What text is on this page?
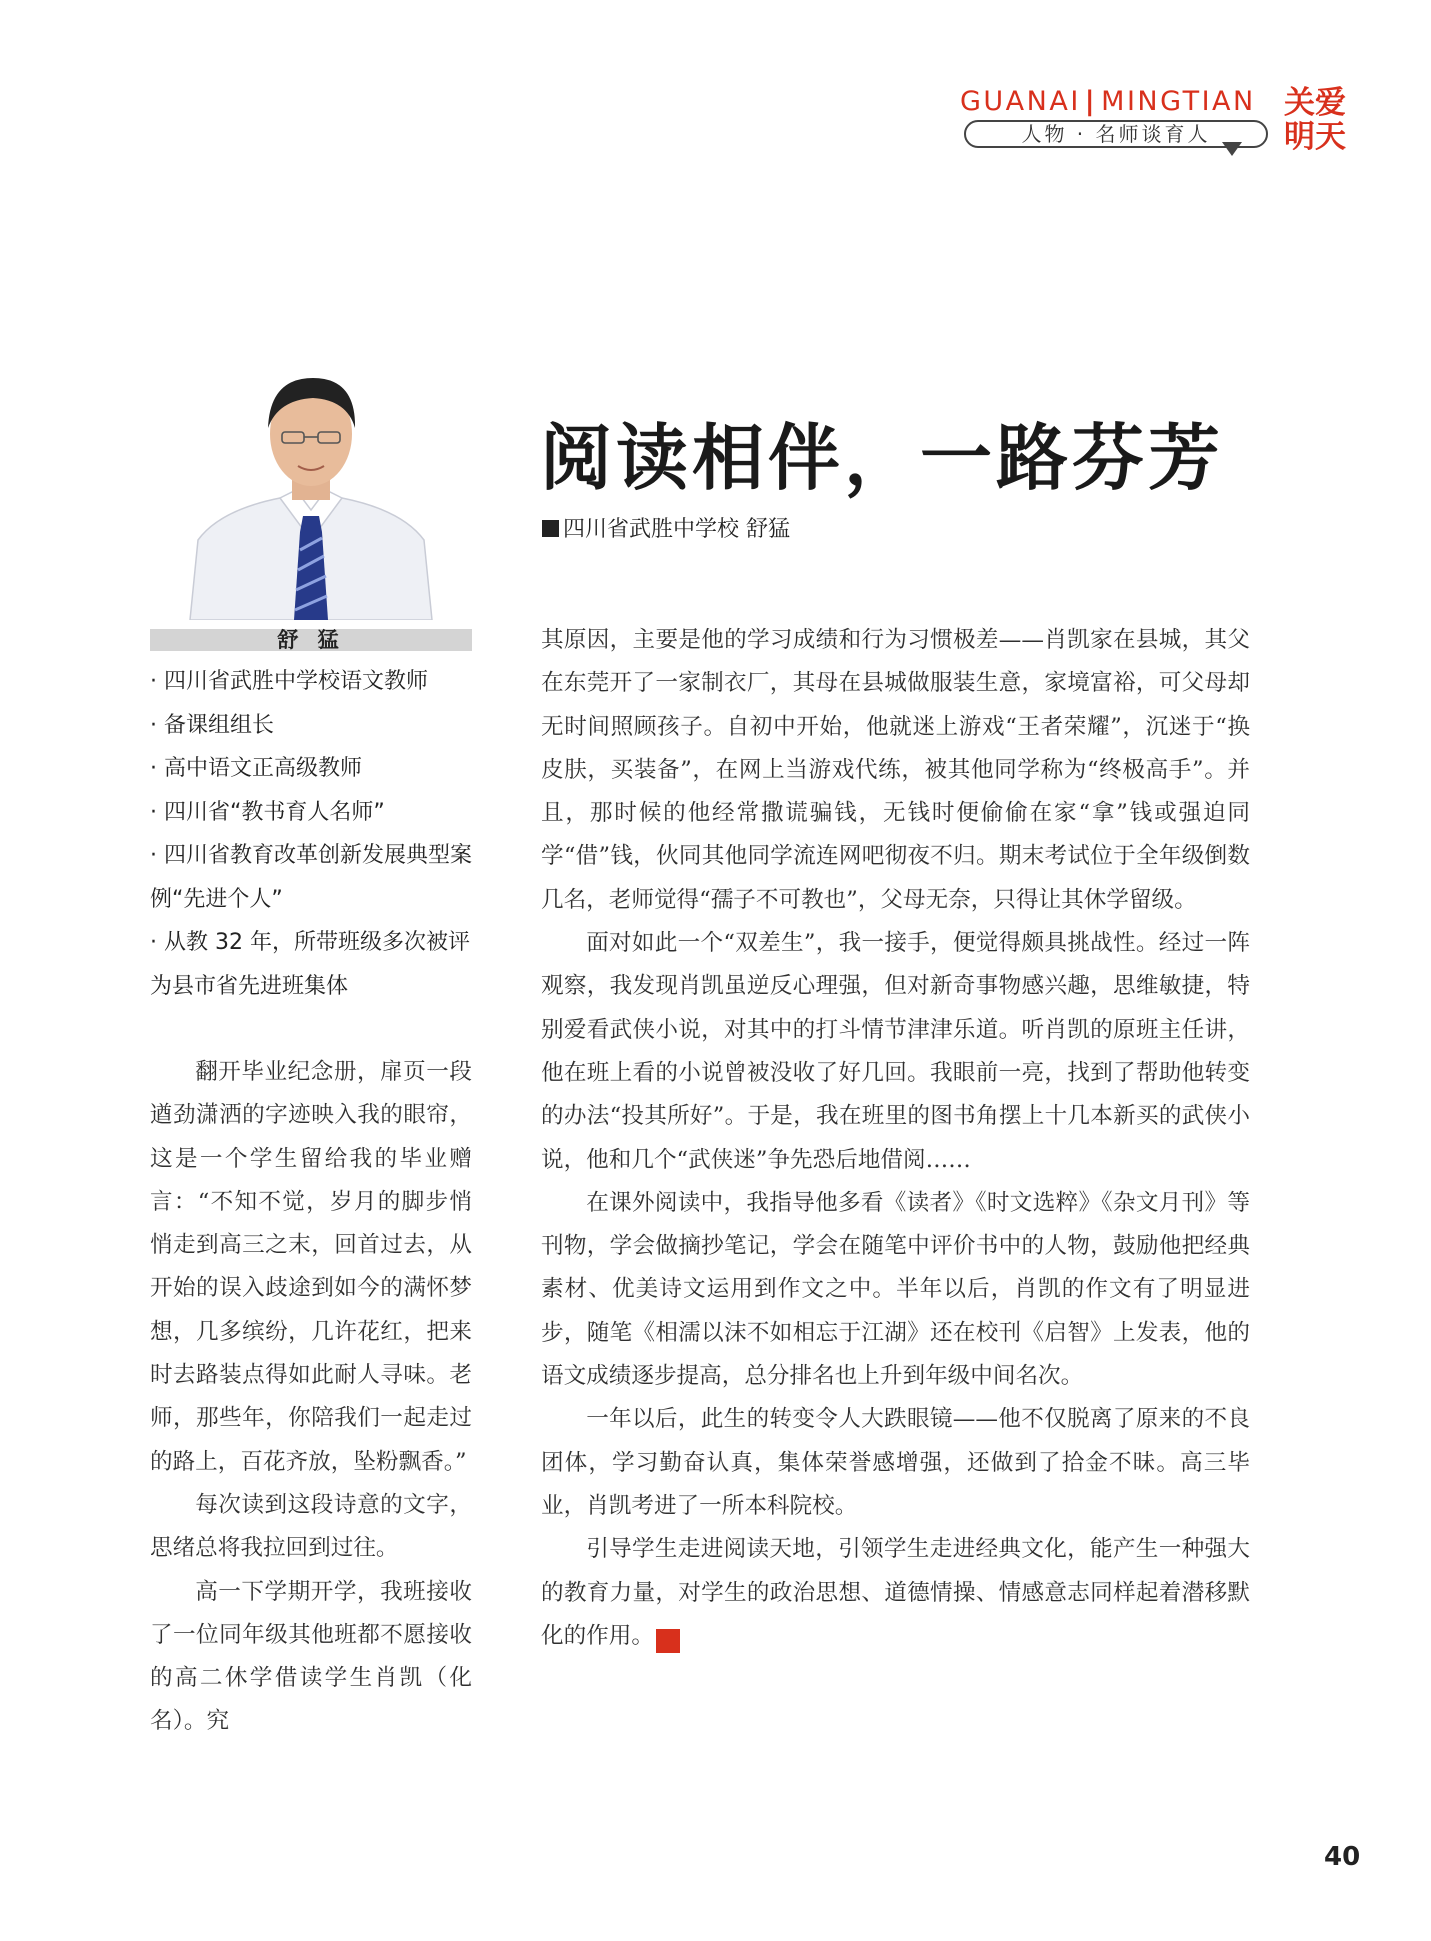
GUANAI | MINGTIAN
人物 · 名师谈育人
关爱
明天
舒 猛

· 四川省武胜中学校语文教师

· 备课组组长

· 高中语文正高级教师

· 四川省“教书育人名师”

· 四川省教育改革创新发展典型案例“先进个人”

· 从教 32 年，所带班级多次被评为县市省先进班集体

阅读相伴，一路芬芳
四川省武胜中学校 舒猛

翻开毕业纪念册，扉页一段遒劲潇洒的字迹映入我的眼帘，这是一个学生留给我的毕业赠言：“不知不觉，岁月的脚步悄悄走到高三之末，回首过去，从开始的误入歧途到如今的满怀梦想，几多缤纷，几许花红，把来时去路装点得如此耐人寻味。老师，那些年，你陪我们一起走过的路上，百花齐放，坠粉飘香。”

每次读到这段诗意的文字，思绪总将我拉回到过往。

高一下学期开学，我班接收了一位同年级其他班都不愿接收的高二休学借读学生肖凯（化名）。究

其原因，主要是他的学习成绩和行为习惯极差——肖凯家在县城，其父在东莞开了一家制衣厂，其母在县城做服装生意，家境富裕，可父母却无时间照顾孩子。自初中开始，他就迷上游戏“王者荣耀”，沉迷于“换皮肤，买装备”，在网上当游戏代练，被其他同学称为“终极高手”。并且，那时候的他经常撒谎骗钱，无钱时便偷偷在家“拿”钱或强迫同学“借”钱，伙同其他同学流连网吧彻夜不归。期末考试位于全年级倒数几名，老师觉得“孺子不可教也”，父母无奈，只得让其休学留级。

面对如此一个“双差生”，我一接手，便觉得颇具挑战性。经过一阵观察，我发现肖凯虽逆反心理强，但对新奇事物感兴趣，思维敏捷，特别爱看武侠小说，对其中的打斗情节津津乐道。听肖凯的原班主任讲，他在班上看的小说曾被没收了好几回。我眼前一亮，找到了帮助他转变的办法“投其所好”。于是，我在班里的图书角摆上十几本新买的武侠小说，他和几个“武侠迷”争先恐后地借阅……

在课外阅读中，我指导他多看《读者》《时文选粹》《杂文月刊》等刊物，学会做摘抄笔记，学会在随笔中评价书中的人物，鼓励他把经典素材、优美诗文运用到作文之中。半年以后，肖凯的作文有了明显进步，随笔《相濡以沫不如相忘于江湖》还在校刊《启智》上发表，他的语文成绩逐步提高，总分排名也上升到年级中间名次。

一年以后，此生的转变令人大跌眼镜——他不仅脱离了原来的不良团体，学习勤奋认真，集体荣誉感增强，还做到了拾金不昧。高三毕业，肖凯考进了一所本科院校。

引导学生走进阅读天地，引领学生走进经典文化，能产生一种强大的教育力量，对学生的政治思想、道德情操、情感意志同样起着潜移默化的作用。	天

40
